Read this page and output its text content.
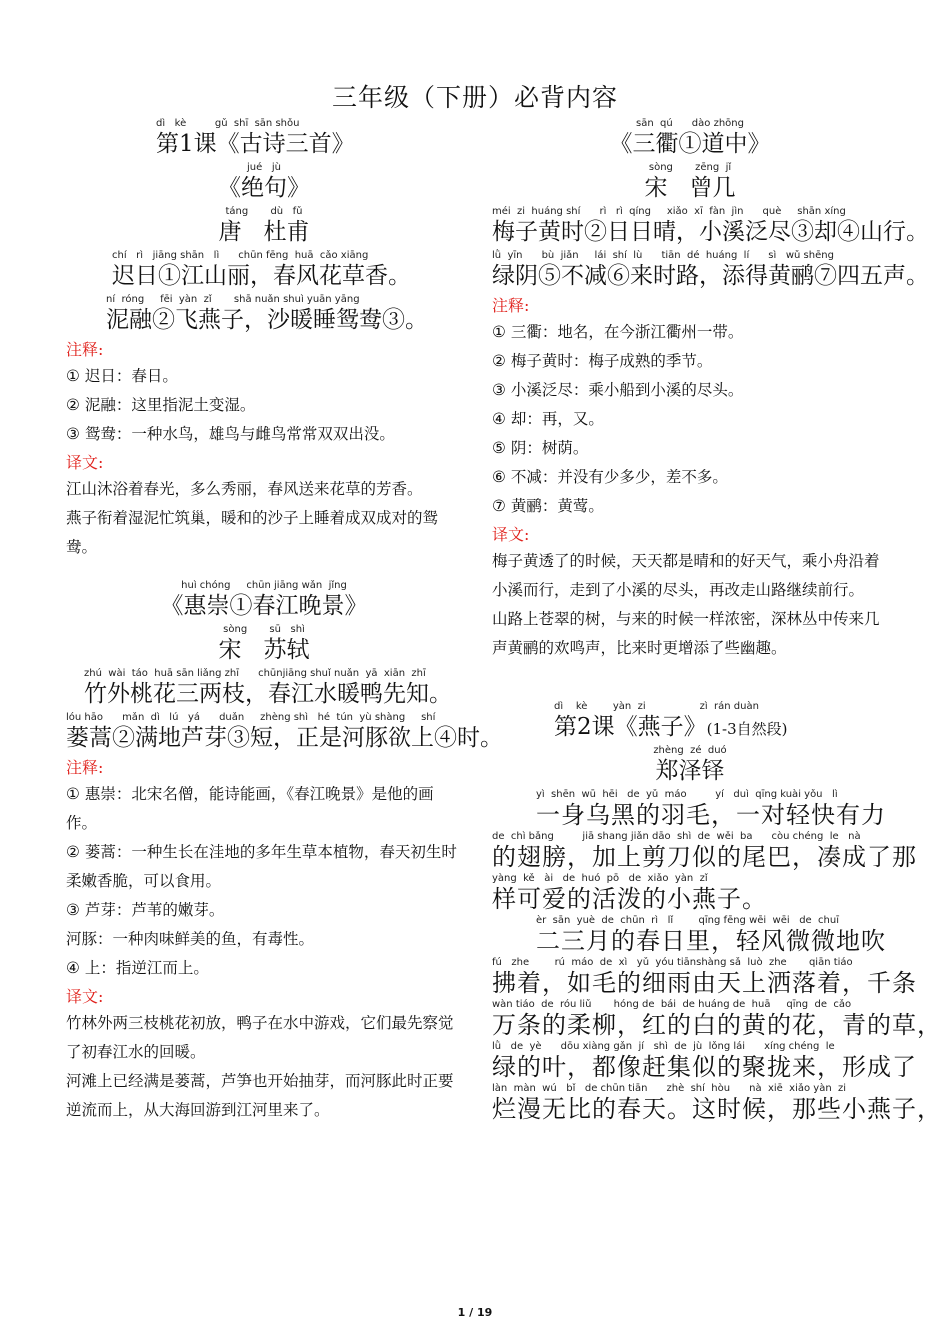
三年级（下册）必背内容
dì   kè         gǔ  shī  sān shǒu
第1课《古诗三首》
jué   jù
《绝句》
táng       dù   fǔ
唐   杜甫
chí   rì   jiāng shān   lì      chūn fēng  huā  cǎo xiāng
迟日①江山丽，春风花草香。
ní  róng     fēi  yàn  zǐ       shā nuǎn shuì yuān yāng
泥融②飞燕子，沙暖睡鸳鸯③。
注释:
① 迟日：春日。
② 泥融：这里指泥土变湿。
③ 鸳鸯：一种水鸟，雄鸟与雌鸟常常双双出没。
译文:
江山沐浴着春光，多么秀丽，春风送来花草的芳香。
燕子衔着湿泥忙筑巢，暖和的沙子上睡着成双成对的鸳鸯。
huì chóng     chūn jiāng wǎn  jǐng
《惠崇①春江晚景》
sòng       sū   shì
宋   苏轼
zhú  wài  táo  huā sān liǎng zhī      chūnjiāng shuǐ nuǎn  yā  xiān  zhī
竹外桃花三两枝，春江水暖鸭先知。
lóu hāo      mǎn  dì   lú   yá      duǎn     zhèng shì   hé  tún  yù shàng     shí
蒌蒿②满地芦芽③短，正是河豚欲上④时。
注释:
① 惠崇：北宋名僧，能诗能画，《春江晚景》是他的画作。
② 蒌蒿：一种生长在洼地的多年生草本植物，春天初生时柔嫩香脆，可以食用。
③ 芦芽：芦苇的嫩芽。
河豚：一种肉味鲜美的鱼，有毒性。
④ 上：指逆江而上。
译文:
竹林外两三枝桃花初放，鸭子在水中游戏，它们最先察觉了初春江水的回暖。
河滩上已经满是蒌蒿，芦笋也开始抽芽，而河豚此时正要逆流而上，从大海回游到江河里来了。
sān  qú      dào zhōng
《三衢①道中》
sòng       zēng  jǐ
宋   曾几
méi  zi  huáng shí      rì   rì  qíng     xiǎo  xī  fàn  jìn      què     shān xíng
梅子黄时②日日晴，小溪泛尽③却④山行。
lǜ  yīn      bù  jiǎn     lái  shí  lù      tiān  dé  huáng  lí      sì   wǔ shēng
绿阴⑤不减⑥来时路，添得黄鹂⑦四五声。
注释:
① 三衢：地名，在今浙江衢州一带。
② 梅子黄时：梅子成熟的季节。
③ 小溪泛尽：乘小船到小溪的尽头。
④ 却：再，又。
⑤ 阴：树荫。
⑥ 不减：并没有少多少，差不多。
⑦ 黄鹂：黄莺。
译文:
梅子黄透了的时候，天天都是晴和的好天气，乘小舟沿着小溪而行，走到了小溪的尽头，再改走山路继续前行。
山路上苍翠的树，与来的时候一样浓密，深林丛中传来几声黄鹂的欢鸣声，比来时更增添了些幽趣。
dì    kè        yàn  zi                 zì  rán duàn
第2课《燕子》(1-3自然段)
zhèng  zé  duó
郑泽铎
yì  shēn  wū  hēi   de  yǔ  máo         yí   duì  qīng kuài yǒu   lì
一身乌黑的羽毛，一对轻快有力
de  chì bǎng         jiā shang jiǎn dāo  shì  de  wěi  ba      còu chéng  le   nà
的翅膀，加上剪刀似的尾巴，凑成了那
yàng  kě   ài   de  huó  pō   de  xiǎo  yàn  zǐ
样可爱的活泼的小燕子。
èr  sān  yuè  de  chūn  rì   lǐ        qīng fēng wēi  wēi   de  chuī
二三月的春日里，轻风微微地吹
fú   zhe        rú  máo  de  xì   yǔ  yóu tiānshàng sǎ  luò  zhe       qiān tiáo
拂着，如毛的细雨由天上洒落着，千条
wàn tiáo  de  róu liǔ       hóng de  bái  de huáng de  huā     qīng  de  cǎo
万条的柔柳，红的白的黄的花，青的草，
lǜ   de  yè      dōu xiàng gǎn  jí   shì  de  jù  lǒng lái      xíng chéng  le
绿的叶，都像赶集似的聚拢来，形成了
làn  màn  wú   bǐ   de chūn tiān      zhè  shí  hòu      nà  xiē  xiǎo yàn  zi
烂漫无比的春天。这时候，那些小燕子，
1 / 19
